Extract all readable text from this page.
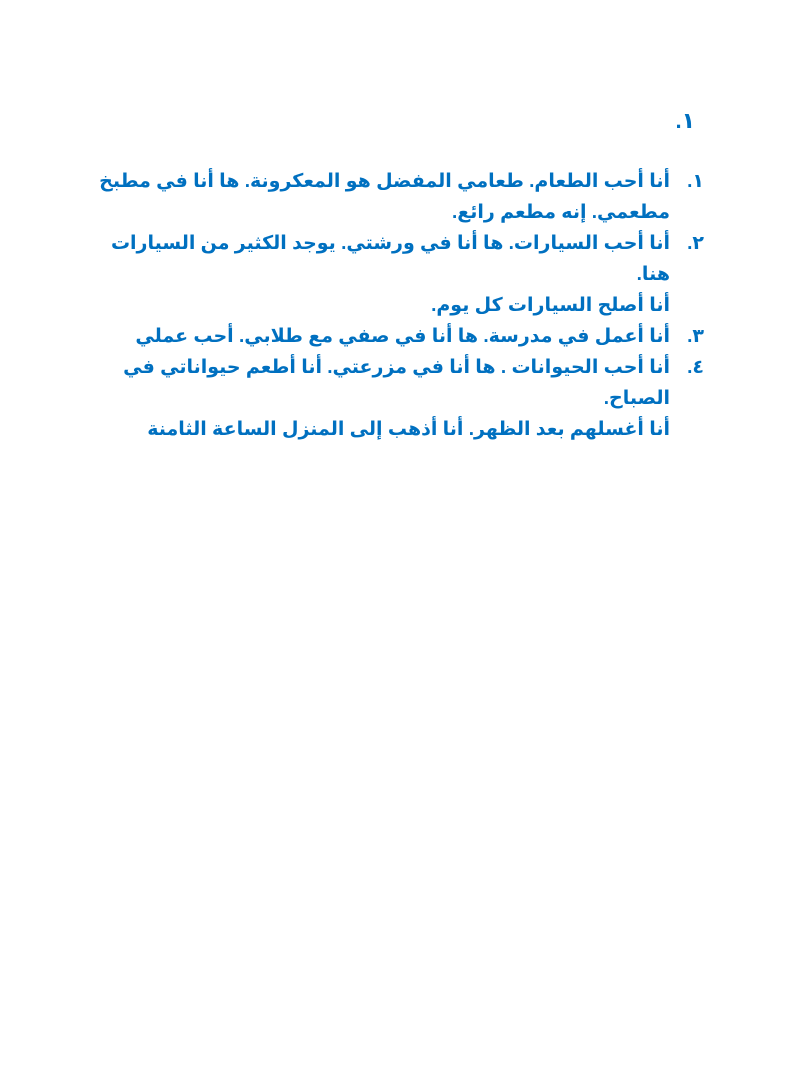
١.

١.
أنا أحب الطعام. طعامي المفضل هو المعكرونة. ها أنا في مطبخ
مطعمي. إنه مطعم رائع.
٢.
أنا أحب السيارات. ها أنا في ورشتي. يوجد الكثير من السيارات هنا.
أنا أصلح السيارات كل يوم.
٣.
أنا أعمل في مدرسة. ها أنا في صفي مع طلابي. أحب عملي
٤.
أنا أحب الحيوانات . ها أنا في مزرعتي. أنا أطعم حيواناتي في الصباح.
أنا أغسلهم بعد الظهر. أنا أذهب إلى المنزل الساعة الثامنة
